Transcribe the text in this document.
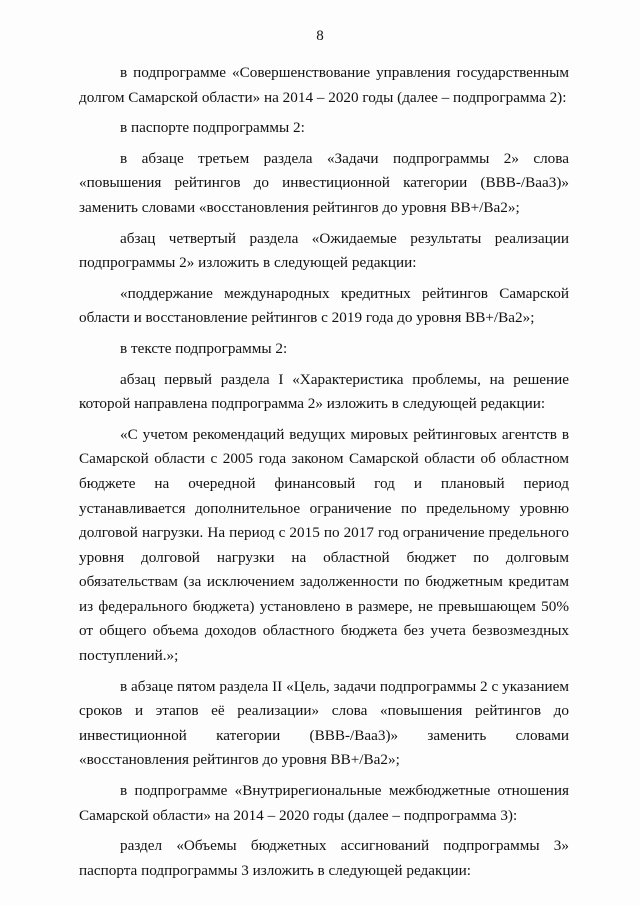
8

в подпрограмме «Совершенствование управления государственным долгом Самарской области» на 2014 – 2020 годы (далее – подпрограмма 2):

в паспорте подпрограммы 2:

в абзаце третьем раздела «Задачи подпрограммы 2» слова «повышения рейтингов до инвестиционной категории (BBB-/Baa3)» заменить словами «восстановления рейтингов до уровня BB+/Ba2»;

абзац четвертый раздела «Ожидаемые результаты реализации подпрограммы 2» изложить в следующей редакции:

«поддержание международных кредитных рейтингов Самарской области и восстановление рейтингов с 2019 года до уровня BB+/Ba2»;

в тексте подпрограммы 2:

абзац первый раздела I «Характеристика проблемы, на решение которой направлена подпрограмма 2» изложить в следующей редакции:

«С учетом рекомендаций ведущих мировых рейтинговых агентств в Самарской области с 2005 года законом Самарской области об областном бюджете на очередной финансовый год и плановый период устанавливается дополнительное ограничение по предельному уровню долговой нагрузки. На период с 2015 по 2017 год ограничение предельного уровня долговой нагрузки на областной бюджет по долговым обязательствам (за исключением задолженности по бюджетным кредитам из федерального бюджета) установлено в размере, не превышающем 50% от общего объема доходов областного бюджета без учета безвозмездных поступлений.»;

в абзаце пятом раздела II «Цель, задачи подпрограммы 2 с указанием сроков и этапов её реализации» слова «повышения рейтингов до инвестиционной категории (BBB-/Baa3)» заменить словами «восстановления рейтингов до уровня BB+/Ba2»;

в подпрограмме «Внутрирегиональные межбюджетные отношения Самарской области» на 2014 – 2020 годы (далее – подпрограмма 3):

раздел «Объемы бюджетных ассигнований подпрограммы 3» паспорта подпрограммы 3 изложить в следующей редакции:
